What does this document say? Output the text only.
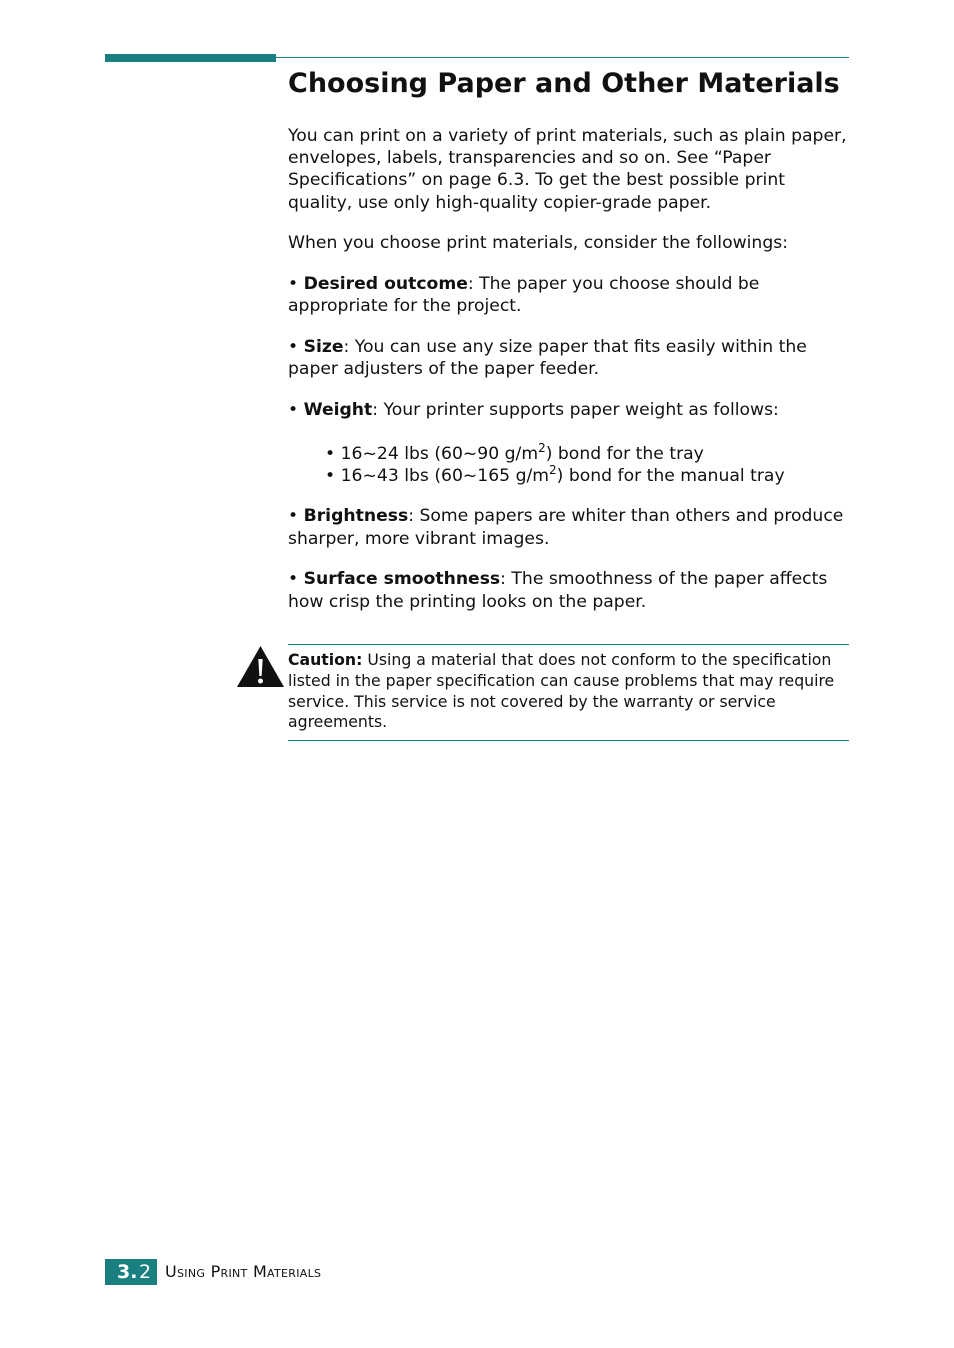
Choosing Paper and Other Materials

You can print on a variety of print materials, such as plain paper, envelopes, labels, transparencies and so on. See “Paper Specifications” on page 6.3. To get the best possible print quality, use only high-quality copier-grade paper.

When you choose print materials, consider the followings:

• Desired outcome: The paper you choose should be appropriate for the project.

• Size: You can use any size paper that fits easily within the paper adjusters of the paper feeder.

• Weight: Your printer supports paper weight as follows:

• 16~24 lbs (60~90 $g/m^2$) bond for the tray
• 16~43 lbs (60~165 $g/m^2$) bond for the manual tray

• Brightness: Some papers are whiter than others and produce sharper, more vibrant images.

• Surface smoothness: The smoothness of the paper affects how crisp the printing looks on the paper.

Caution: Using a material that does not conform to the specification listed in the paper specification can cause problems that may require service. This service is not covered by the warranty or service agreements.
3. 2 Using Print Materials
